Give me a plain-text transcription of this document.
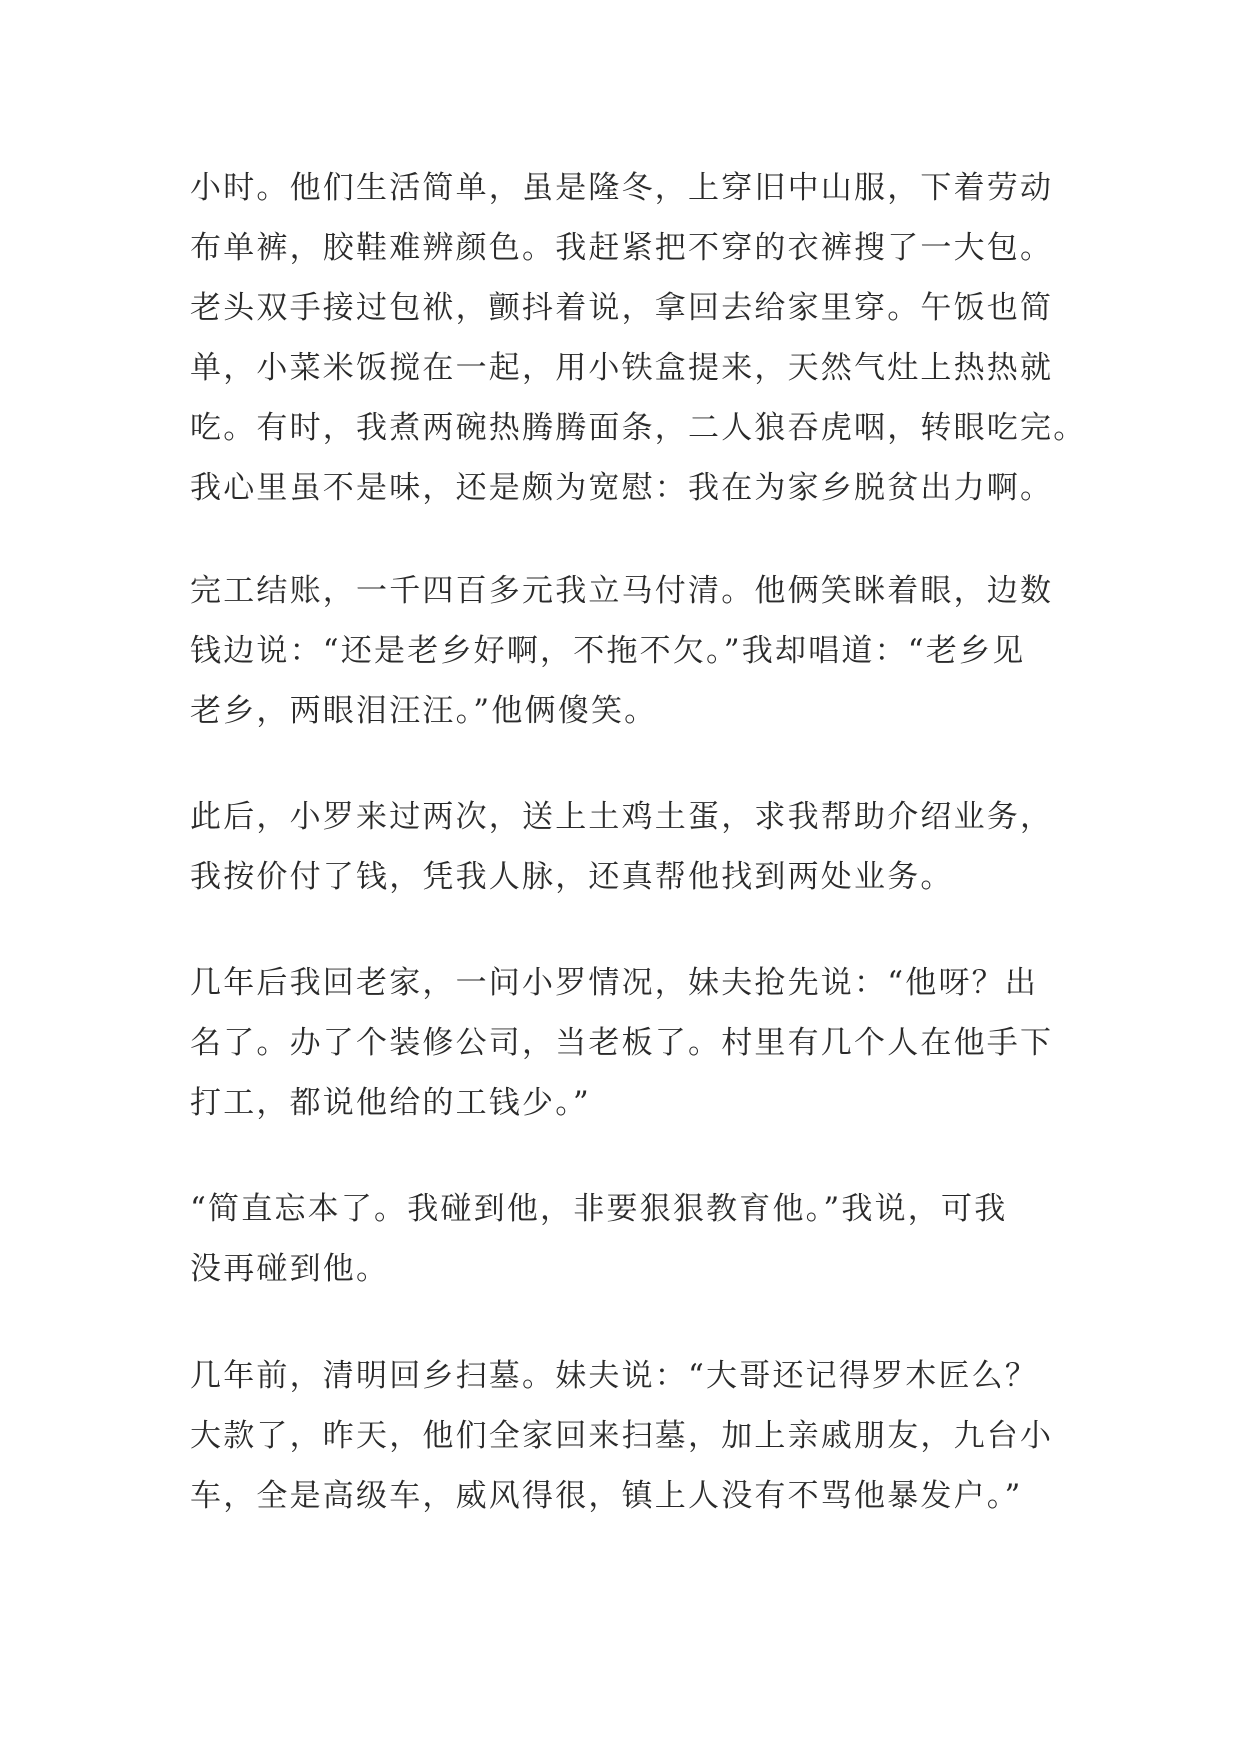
小时。他们生活简单，虽是隆冬，上穿旧中山服，下着劳动
布单裤，胶鞋难辨颜色。我赶紧把不穿的衣裤搜了一大包。
老头双手接过包袱，颤抖着说，拿回去给家里穿。午饭也简
单，小菜米饭搅在一起，用小铁盒提来，天然气灶上热热就
吃。有时，我煮两碗热腾腾面条，二人狼吞虎咽，转眼吃完。
我心里虽不是味，还是颇为宽慰：我在为家乡脱贫出力啊。
完工结账，一千四百多元我立马付清。他俩笑眯着眼，边数
钱边说：“还是老乡好啊，不拖不欠。”我却唱道：“老乡见
老乡，两眼泪汪汪。”他俩傻笑。
此后，小罗来过两次，送上土鸡土蛋，求我帮助介绍业务，
我按价付了钱，凭我人脉，还真帮他找到两处业务。
几年后我回老家，一问小罗情况，妹夫抢先说：“他呀？出
名了。办了个装修公司，当老板了。村里有几个人在他手下
打工，都说他给的工钱少。”
“简直忘本了。我碰到他，非要狠狠教育他。”我说，可我
没再碰到他。
几年前，清明回乡扫墓。妹夫说：“大哥还记得罗木匠么？
大款了，昨天，他们全家回来扫墓，加上亲戚朋友，九台小
车，全是高级车，威风得很，镇上人没有不骂他暴发户。”
